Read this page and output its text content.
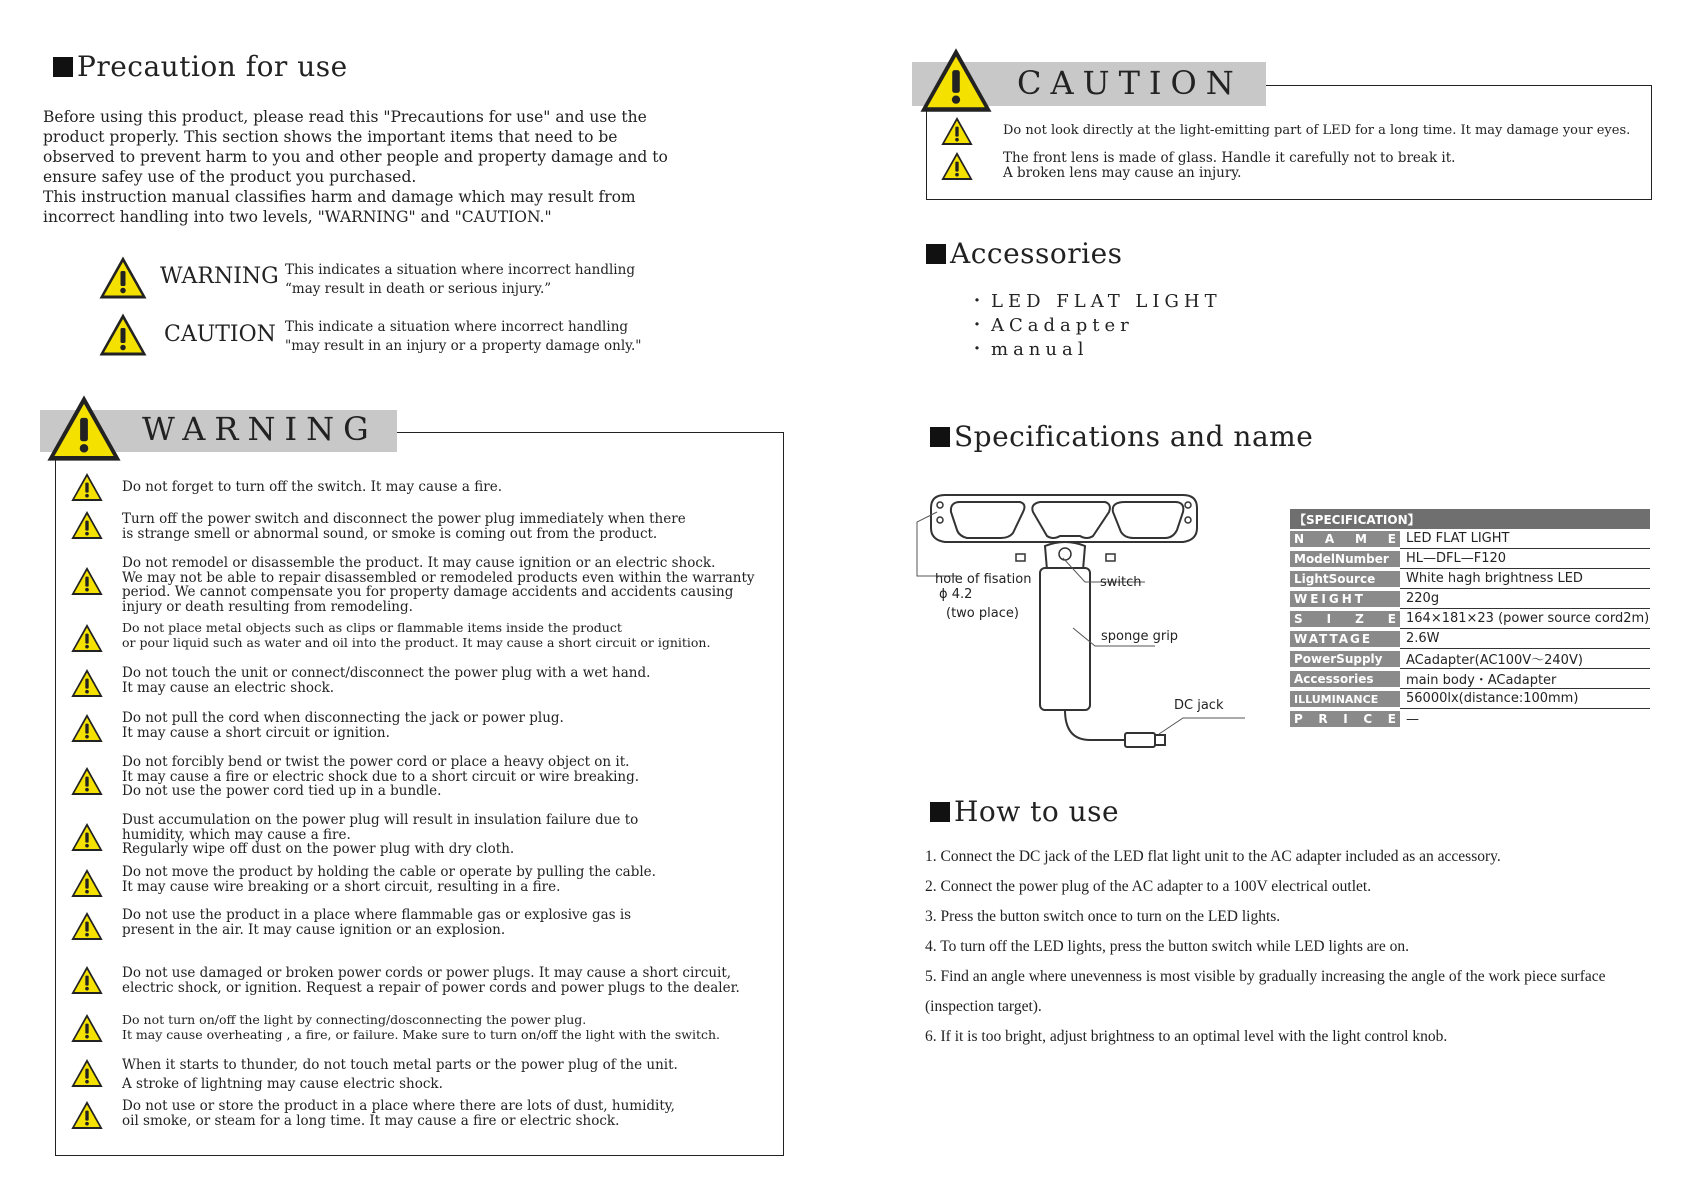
Precaution for use
Before using this product, please read this "Precautions for use" and use the
product properly. This section shows the important items that need to be
observed to prevent harm to you and other people and property damage and to
ensure safey use of the product you purchased.
This instruction manual classifies harm and damage which may result from
incorrect handling into two levels, "WARNING" and "CAUTION."
WARNING This indicates a situation where incorrect handling
“may result in death or serious injury.”
CAUTION This indicate a situation where incorrect handling
"may result in an injury or a property damage only."
WARNING
Do not forget to turn off the switch. It may cause a fire.
Turn off the power switch and disconnect the power plug immediately when there
is strange smell or abnormal sound, or smoke is coming out from the product.
Do not remodel or disassemble the product. It may cause ignition or an electric shock.
We may not be able to repair disassembled or remodeled products even within the warranty
period. We cannot compensate you for property damage accidents and accidents causing
injury or death resulting from remodeling.
Do not place metal objects such as clips or flammable items inside the product
or pour liquid such as water and oil into the product. It may cause a short circuit or ignition.
Do not touch the unit or connect/disconnect the power plug with a wet hand.
It may cause an electric shock.
Do not pull the cord when disconnecting the jack or power plug.
It may cause a short circuit or ignition.
Do not forcibly bend or twist the power cord or place a heavy object on it.
It may cause a fire or electric shock due to a short circuit or wire breaking.
Do not use the power cord tied up in a bundle.
Dust accumulation on the power plug will result in insulation failure due to
humidity, which may cause a fire.
Regularly wipe off dust on the power plug with dry cloth.
Do not move the product by holding the cable or operate by pulling the cable.
It may cause wire breaking or a short circuit, resulting in a fire.
Do not use the product in a place where flammable gas or explosive gas is
present in the air. It may cause ignition or an explosion.
Do not use damaged or broken power cords or power plugs. It may cause a short circuit,
electric shock, or ignition. Request a repair of power cords and power plugs to the dealer.
Do not turn on/off the light by connecting/dosconnecting the power plug.
It may cause overheating , a fire, or failure. Make sure to turn on/off the light with the switch.
When it starts to thunder, do not touch metal parts or the power plug of the unit.
A stroke of lightning may cause electric shock.
Do not use or store the product in a place where there are lots of dust, humidity,
oil smoke, or steam for a long time. It may cause a fire or electric shock.
CAUTION
Do not look directly at the light-emitting part of LED for a long time. It may damage your eyes.
The front lens is made of glass. Handle it carefully not to break it.
A broken lens may cause an injury.
Accessories
・LED FLAT LIGHT
・ACadapter
・manual
Specifications and name
hole of fisation
ϕ 4.2
(two place)
switch
sponge grip
DC jack
【SPECIFICATION】
N A M E LED FLAT LIGHT
ModelNumber	HL—DFL—F120
LightSource	White hagh brightness LED
WEIGHT	220g
S I Z E 164×181×23 (power source cord2m)
WATTAGE	2.6W
PowerSupply	ACadapter(AC100V～240V)
Accessories	main body・ACadapter
ILLUMINANCE	56000lx(distance:100mm)
P R I C E —
How to use
1. Connect the DC jack of the LED flat light unit to the AC adapter included as an accessory.
2. Connect the power plug of the AC adapter to a 100V electrical outlet.
3. Press the button switch once to turn on the LED lights.
4. To turn off the LED lights, press the button switch while LED lights are on.
5. Find an angle where unevenness is most visible by gradually increasing the angle of the work piece surface
(inspection target).
6. If it is too bright, adjust brightness to an optimal level with the light control knob.
